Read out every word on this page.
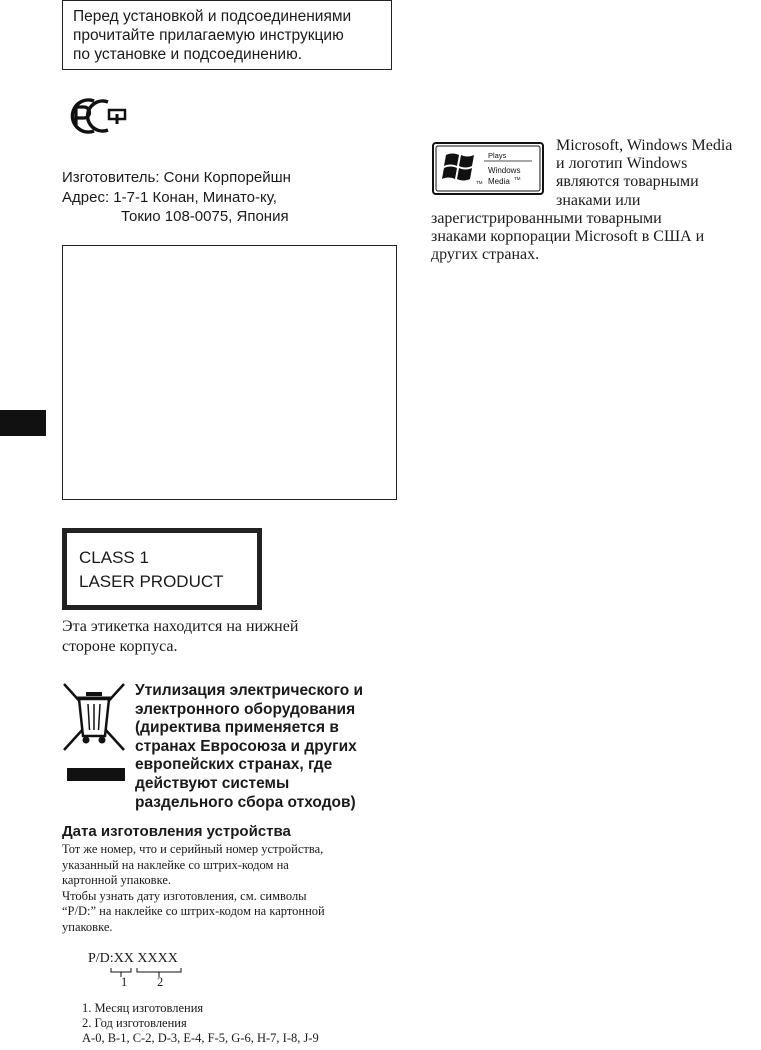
Перед установкой и подсоединениями
прочитайте прилагаемую инструкцию
по установке и подсоединению.
Изготовитель: Сони Корпорейшн
Адрес: 1-7-1 Конан, Минато-ку,
Токио 108-0075, Япония
CLASS 1
LASER PRODUCT
Эта этикетка находится на нижней
стороне корпуса.
Утилизация электрического и
электронного оборудования
(директива применяется в
странах Евросоюза и других
европейских странах, где
действуют системы
раздельного сбора отходов)
Дата изготовления устройства
Тот же номер, что и серийный номер устройства,
указанный на наклейке со штрих-кодом на
картонной упаковке.
Чтобы узнать дату изготовления, см. символы
“P/D:” на наклейке со штрих-кодом на картонной
упаковке.
P/D:XX XXXX
1 2
1. Месяц изготовления
2. Год изготовления
A-0, B-1, C-2, D-3, E-4, F-5, G-6, H-7, I-8, J-9
Plays
Windows
Media TM
TM
Microsoft, Windows Media
и логотип Windows
являются товарными
знаками или
зарегистрированными товарными
знаками корпорации Microsoft в США и
других странах.
